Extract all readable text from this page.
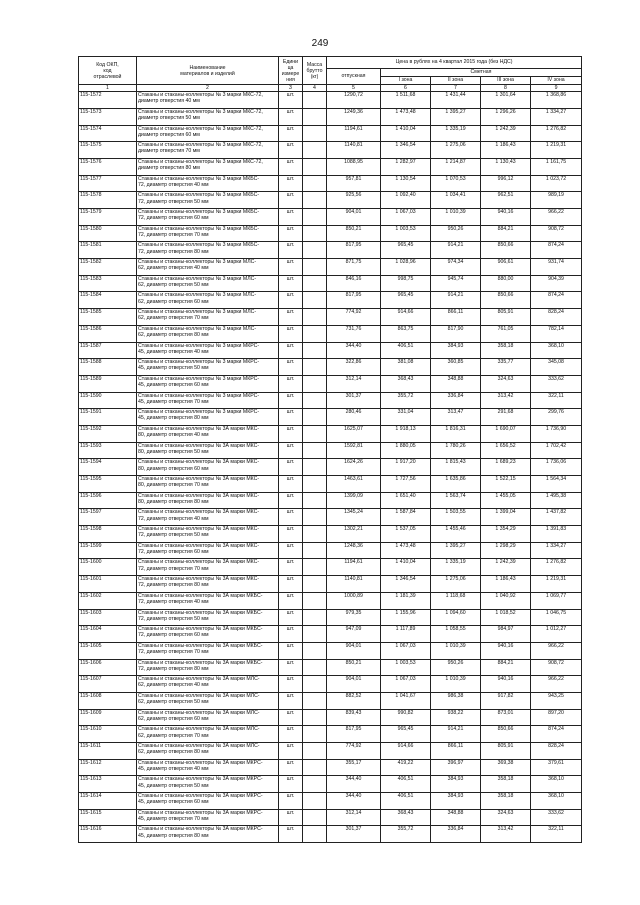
249
Код ОКП,
код
отраслевой	Наименование
материалов и изделий	Едини
ца
измере
ния	Масса
брутто
(кг)	Цена в рублях на 4 квартал 2015 года (без НДС)				
				отпускная	Сметная			
					I зона	II зона	III зона	IV зона
1	2	3	4	5	6	7	8	9
115-1572	Стаканы и стаканы-коллекторы № 3 марки МКС-72,
диаметр отверстия 40 мм	шт.		1290,72	1 511,68	1 431,44	1 301,64	1 368,86
115-1573	Стаканы и стаканы-коллекторы № 3 марки МКС-72,
диаметр отверстия 50 мм	шт.		1249,36	1 473,48	1 395,27	1 296,26	1 334,27
115-1574	Стаканы и стаканы-коллекторы № 3 марки МКС-72,
диаметр отверстия 60 мм	шт.		1194,61	1 410,04	1 335,19	1 242,39	1 276,82
115-1575	Стаканы и стаканы-коллекторы № 3 марки МКС-72,
диаметр отверстия 70 мм	шт.		1140,81	1 346,54	1 275,06	1 186,43	1 219,31
115-1576	Стаканы и стаканы-коллекторы № 3 марки МКС-72,
диаметр отверстия 80 мм	шт.		1088,95	1 282,97	1 214,87	1 130,43	1 161,75
115-1577	Стаканы и стаканы-коллекторы № 3 марки МКБС-
72, диаметр отверстия 40 мм	шт.		957,81	1 130,54	1 070,53	996,12	1 023,72
115-1578	Стаканы и стаканы-коллекторы № 3 марки МКБС-
72, диаметр отверстия 50 мм	шт.		925,56	1 092,40	1 034,41	962,51	989,19
115-1579	Стаканы и стаканы-коллекторы № 3 марки МКБС-
72, диаметр отверстия 60 мм	шт.		904,01	1 067,03	1 010,39	940,16	966,22
115-1580	Стаканы и стаканы-коллекторы № 3 марки МКБС-
72, диаметр отверстия 70 мм	шт.		850,21	1 003,53	950,26	884,21	908,72
115-1581	Стаканы и стаканы-коллекторы № 3 марки МКБС-
72, диаметр отверстия 80 мм	шт.		817,95	965,45	914,21	850,66	874,24
115-1582	Стаканы и стаканы-коллекторы № 3 марки МЛС-
62, диаметр отверстия 40 мм	шт.		871,75	1 028,96	974,34	906,61	931,74
115-1583	Стаканы и стаканы-коллекторы № 3 марки МЛС-
62, диаметр отверстия 50 мм	шт.		846,16	998,75	945,74	880,00	904,39
115-1584	Стаканы и стаканы-коллекторы № 3 марки МЛС-
62, диаметр отверстия 60 мм	шт.		817,95	965,45	914,21	850,66	874,24
115-1585	Стаканы и стаканы-коллекторы № 3 марки МЛС-
62, диаметр отверстия 70 мм	шт.		774,92	914,66	866,11	805,91	828,24
115-1586	Стаканы и стаканы-коллекторы № 3 марки МЛС-
62, диаметр отверстия 80 мм	шт.		731,76	863,75	817,90	761,05	782,14
115-1587	Стаканы и стаканы-коллекторы № 3 марки МКРС-
45, диаметр отверстия 40 мм	шт.		344,40	406,51	384,93	358,18	368,10
115-1588	Стаканы и стаканы-коллекторы № 3 марки МКРС-
45, диаметр отверстия 50 мм	шт.		322,86	381,08	360,85	335,77	345,08
115-1589	Стаканы и стаканы-коллекторы № 3 марки МКРС-
45, диаметр отверстия 60 мм	шт.		312,14	368,43	348,88	324,63	333,62
115-1590	Стаканы и стаканы-коллекторы № 3 марки МКРС-
45, диаметр отверстия 70 мм	шт.		301,37	355,72	336,84	313,42	322,11
115-1591	Стаканы и стаканы-коллекторы № 3 марки МКРС-
45, диаметр отверстия 80 мм	шт.		280,46	331,04	313,47	291,68	299,76
115-1592	Стаканы и стаканы-коллекторы № 3А марки МКС-
80, диаметр отверстия 40 мм	шт.		1625,07	1 918,13	1 816,31	1 690,07	1 736,90
115-1593	Стаканы и стаканы-коллекторы № 3А марки МКС-
80, диаметр отверстия 50 мм	шт.		1592,81	1 880,05	1 780,26	1 656,52	1 702,42
115-1594	Стаканы и стаканы-коллекторы № 3А марки МКС-
80, диаметр отверстия 60 мм	шт.		1624,26	1 917,20	1 815,43	1 689,23	1 736,06
115-1595	Стаканы и стаканы-коллекторы № 3А марки МКС-
80, диаметр отверстия 70 мм	шт.		1463,61	1 727,56	1 635,86	1 522,15	1 564,34
115-1596	Стаканы и стаканы-коллекторы № 3А марки МКС-
80, диаметр отверстия 80 мм	шт.		1399,09	1 651,40	1 563,74	1 455,05	1 495,38
115-1597	Стаканы и стаканы-коллекторы № 3А марки МКС-
72, диаметр отверстия 40 мм	шт.		1345,24	1 587,84	1 503,55	1 399,04	1 437,82
115-1598	Стаканы и стаканы-коллекторы № 3А марки МКС-
72, диаметр отверстия 50 мм	шт.		1302,21	1 537,05	1 455,46	1 354,29	1 391,83
115-1599	Стаканы и стаканы-коллекторы № 3А марки МКС-
72, диаметр отверстия 60 мм	шт.		1248,36	1 473,48	1 395,27	1 298,29	1 334,27
115-1600	Стаканы и стаканы-коллекторы № 3А марки МКС-
72, диаметр отверстия 70 мм	шт.		1194,61	1 410,04	1 335,19	1 242,39	1 276,82
115-1601	Стаканы и стаканы-коллекторы № 3А марки МКС-
72, диаметр отверстия 80 мм	шт.		1140,81	1 346,54	1 275,06	1 186,43	1 219,31
115-1602	Стаканы и стаканы-коллекторы № 3А марки МКБС-
72, диаметр отверстия 40 мм	шт.		1000,89	1 181,39	1 118,68	1 040,92	1 069,77
115-1603	Стаканы и стаканы-коллекторы № 3А марки МКБС-
72, диаметр отверстия 50 мм	шт.		979,35	1 155,96	1 094,60	1 018,52	1 046,75
115-1604	Стаканы и стаканы-коллекторы № 3А марки МКБС-
72, диаметр отверстия 60 мм	шт.		947,09	1 117,89	1 058,55	984,97	1 012,27
115-1605	Стаканы и стаканы-коллекторы № 3А марки МКБС-
72, диаметр отверстия 70 мм	шт.		904,01	1 067,03	1 010,39	940,16	966,22
115-1606	Стаканы и стаканы-коллекторы № 3А марки МКБС-
72, диаметр отверстия 80 мм	шт.		850,21	1 003,53	950,26	884,21	908,72
115-1607	Стаканы и стаканы-коллекторы № 3А марки МЛС-
62, диаметр отверстия 40 мм	шт.		904,01	1 067,03	1 010,39	940,16	966,22
115-1608	Стаканы и стаканы-коллекторы № 3А марки МЛС-
62, диаметр отверстия 50 мм	шт.		882,52	1 041,67	986,38	917,82	943,25
115-1609	Стаканы и стаканы-коллекторы № 3А марки МЛС-
62, диаметр отверстия 60 мм	шт.		839,43	990,82	938,22	873,01	897,20
115-1610	Стаканы и стаканы-коллекторы № 3А марки МЛС-
62, диаметр отверстия 70 мм	шт.		817,95	965,45	914,21	850,66	874,24
115-1611	Стаканы и стаканы-коллекторы № 3А марки МЛС-
62, диаметр отверстия 80 мм	шт.		774,92	914,66	866,11	805,91	828,24
115-1612	Стаканы и стаканы-коллекторы № 3А марки МКРС-
45, диаметр отверстия 40 мм	шт.		355,17	419,22	396,97	369,38	379,61
115-1613	Стаканы и стаканы-коллекторы № 3А марки МКРС-
45, диаметр отверстия 50 мм	шт.		344,40	406,51	384,93	358,18	368,10
115-1614	Стаканы и стаканы-коллекторы № 3А марки МКРС-
45, диаметр отверстия 60 мм	шт.		344,40	406,51	384,93	358,18	368,10
115-1615	Стаканы и стаканы-коллекторы № 3А марки МКРС-
45, диаметр отверстия 70 мм	шт.		312,14	368,43	348,88	324,63	333,62
115-1616	Стаканы и стаканы-коллекторы № 3А марки МКРС-
45, диаметр отверстия 80 мм	шт.		301,37	355,72	336,84	313,42	322,11
